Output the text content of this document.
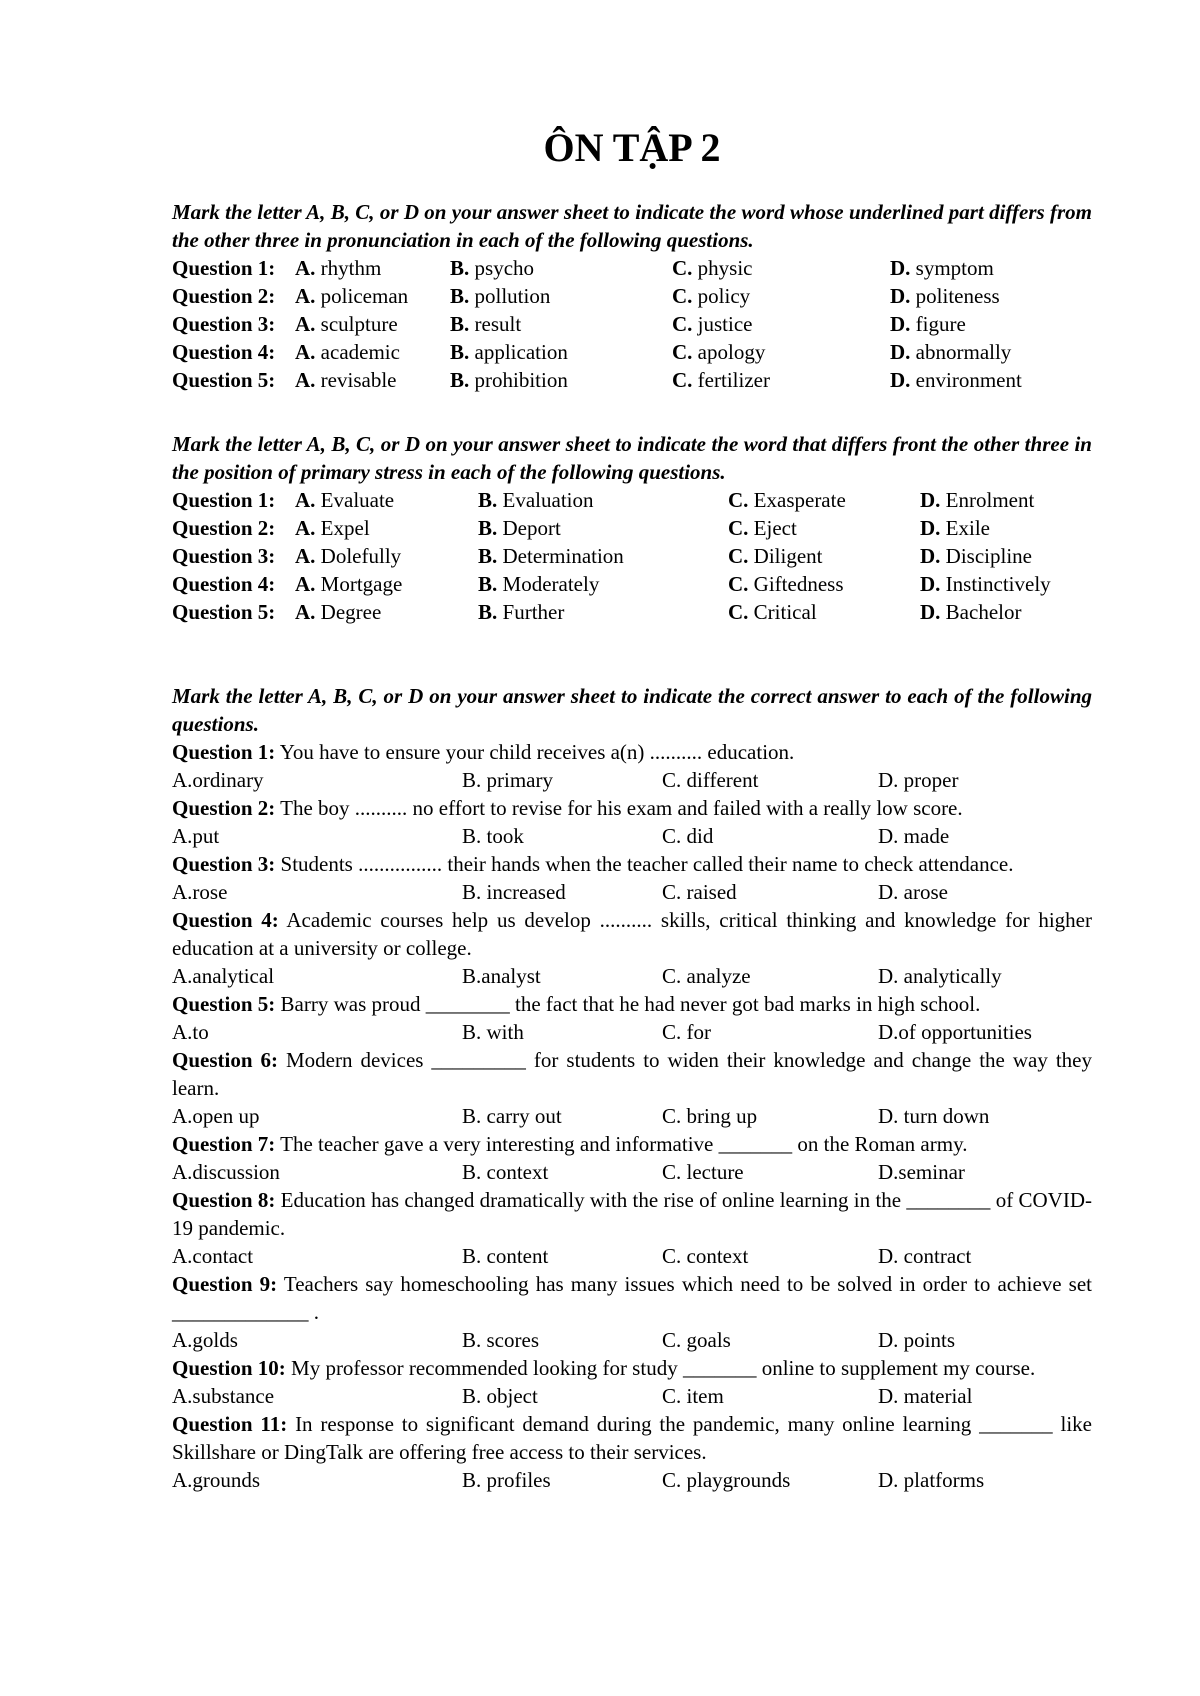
ÔN TẬP 2
Mark the letter A, B, C, or D on your answer sheet to indicate the word whose underlined part differs from the other three in pronunciation in each of the following questions.
Question 1: A. rhythm	B. psycho	C. physic	D. symptom
Question 2: A. policeman B. pollution	C. policy	D. politeness
Question 3: A. sculpture B. result	C. justice	D. figure
Question 4: A. academic B. application	C. apology	D. abnormally
Question 5: A. revisable	B. prohibition	C. fertilizer	D. environment
Mark the letter A, B, C, or D on your answer sheet to indicate the word that differs front the other three in the position of primary stress in each of the following questions.
Question 1: A. Evaluate	B. Evaluation	C. Exasperate	D. Enrolment
Question 2: A. Expel	B. Deport	C. Eject	D. Exile
Question 3: A. Dolefully	B. Determination	C. Diligent	D. Discipline
Question 4: A. Mortgage	B. Moderately	C. Giftedness	D. Instinctively
Question 5: A. Degree	B. Further	C. Critical	D. Bachelor
Mark the letter A, B, C, or D on your answer sheet to indicate the correct answer to each of the following questions.
Question 1: You have to ensure your child receives a(n) .......... education.
A.ordinary	B. primary	C. different	D. proper
Question 2: The boy .......... no effort to revise for his exam and failed with a really low score.
A.put	B. took	C. did	D. made
Question 3: Students ................ their hands when the teacher called their name to check attendance.
A.rose	B. increased	C. raised	D. arose
Question 4: Academic courses help us develop .......... skills, critical thinking and knowledge for higher education at a university or college.
A.analytical	B.analyst	C. analyze	D. analytically
Question 5: Barry was proud ________ the fact that he had never got bad marks in high school.
A.to	B. with	C. for	D.of opportunities
Question 6: Modern devices _________ for students to widen their knowledge and change the way they learn.
A.open up	B. carry out	C. bring up	D. turn down
Question 7: The teacher gave a very interesting and informative _______ on the Roman army.
A.discussion	B. context	C. lecture	D.seminar
Question 8: Education has changed dramatically with the rise of online learning in the ________ of COVID-19 pandemic.
A.contact	B. content	C. context	D. contract
Question 9: Teachers say homeschooling has many issues which need to be solved in order to achieve set _____________ .
A.golds	B. scores	C. goals	D. points
Question 10: My professor recommended looking for study _______ online to supplement my course.
A.substance	B. object	C. item	D. material
Question 11: In response to significant demand during the pandemic, many online learning _______ like Skillshare or DingTalk are offering free access to their services.
A.grounds	B. profiles	C. playgrounds	D. platforms
